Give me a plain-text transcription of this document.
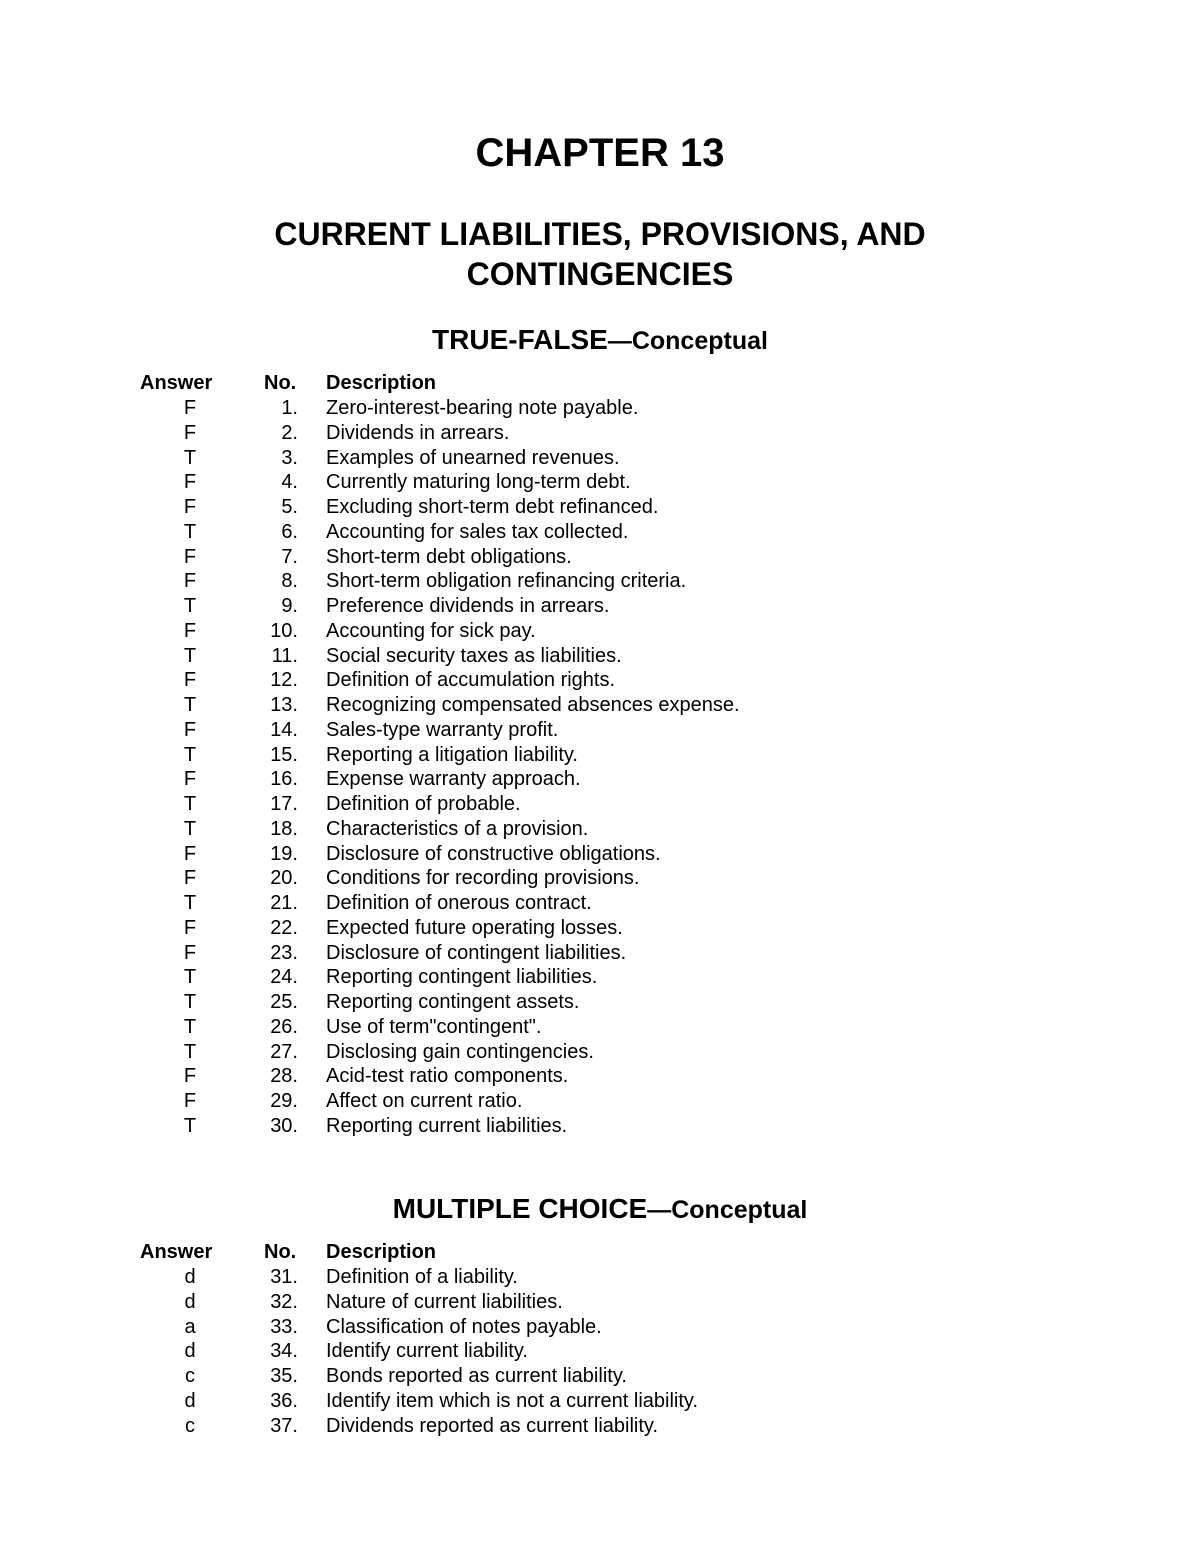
CHAPTER 13
CURRENT LIABILITIES, PROVISIONS, AND
CONTINGENCIES
TRUE-FALSE—Conceptual
Answer	No. Description
F	1. Zero-interest-bearing note payable.
F	2. Dividends in arrears.
T	3. Examples of unearned revenues.
F	4. Currently maturing long-term debt.
F	5. Excluding short-term debt refinanced.
T	6. Accounting for sales tax collected.
F	7. Short-term debt obligations.
F	8. Short-term obligation refinancing criteria.
T	9. Preference dividends in arrears.
F	10. Accounting for sick pay.
T	11. Social security taxes as liabilities.
F	12. Definition of accumulation rights.
T	13. Recognizing compensated absences expense.
F	14. Sales-type warranty profit.
T	15. Reporting a litigation liability.
F	16. Expense warranty approach.
T	17. Definition of probable.
T	18. Characteristics of a provision.
F	19. Disclosure of constructive obligations.
F	20. Conditions for recording provisions.
T	21. Definition of onerous contract.
F	22. Expected future operating losses.
F	23. Disclosure of contingent liabilities.
T	24. Reporting contingent liabilities.
T	25. Reporting contingent assets.
T	26. Use of term"contingent".
T	27. Disclosing gain contingencies.
F	28. Acid-test ratio components.
F	29. Affect on current ratio.
T	30. Reporting current liabilities.
MULTIPLE CHOICE—Conceptual
Answer	No. Description
d	31. Definition of a liability.
d	32. Nature of current liabilities.
a	33. Classification of notes payable.
d	34. Identify current liability.
c	35. Bonds reported as current liability.
d	36. Identify item which is not a current liability.
c	37. Dividends reported as current liability.
